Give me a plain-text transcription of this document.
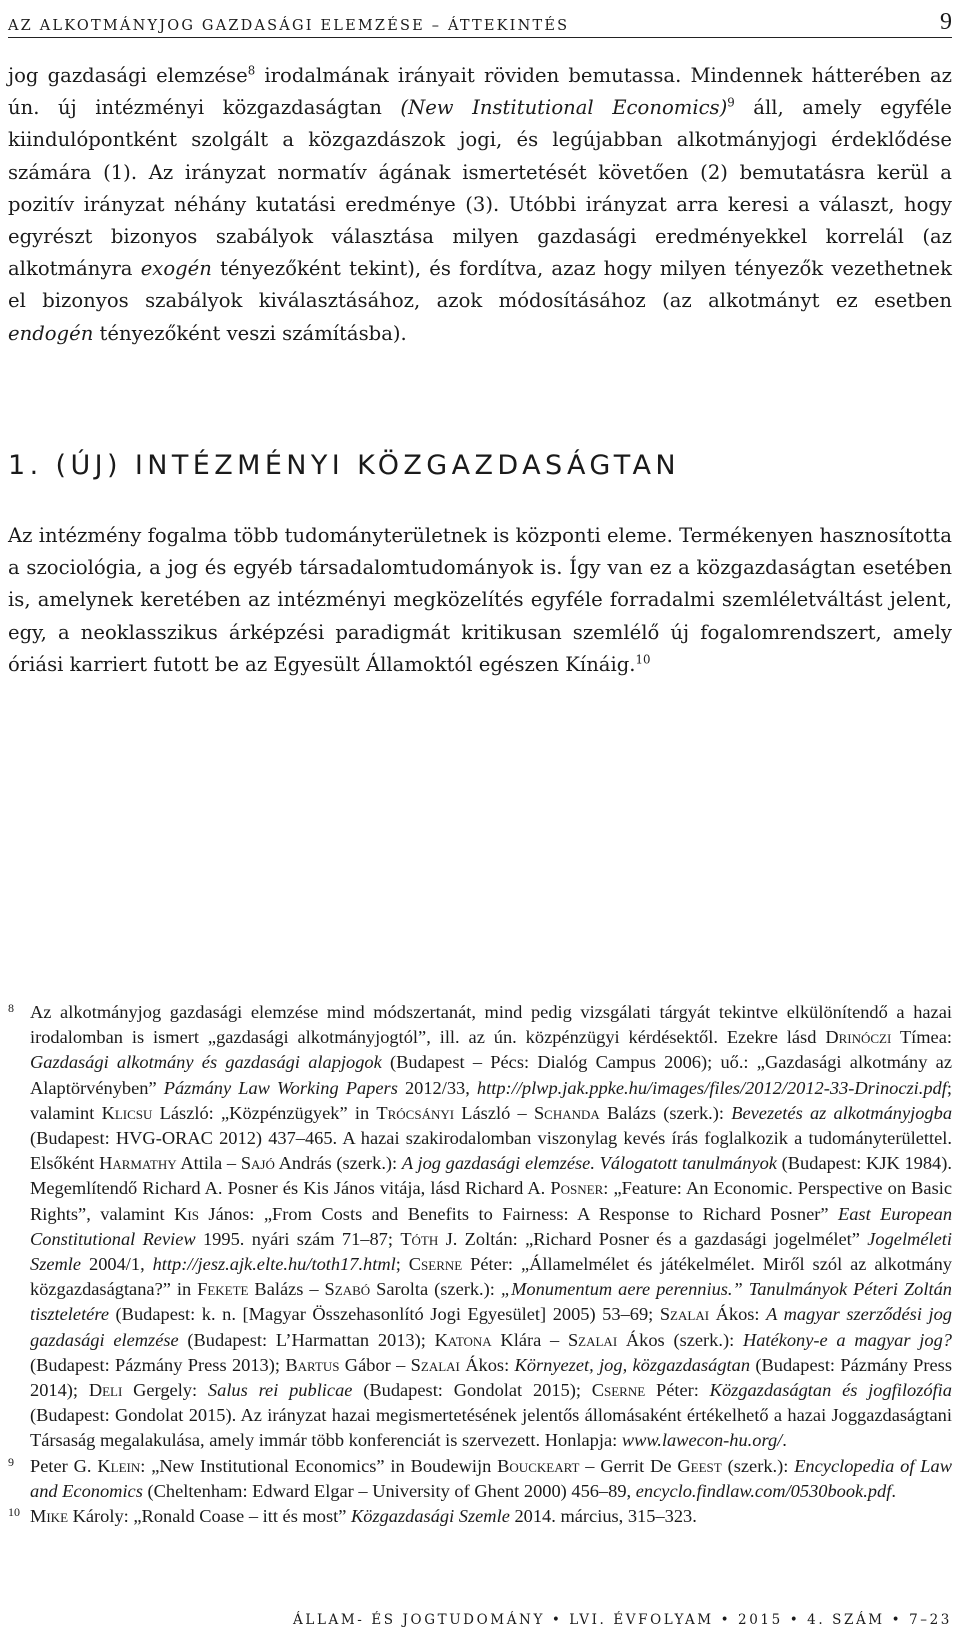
AZ ALKOTMÁNYJOG GAZDASÁGI ELEMZÉSE – ÁTTEKINTÉS	9
jog gazdasági elemzése$^8$ irodalmának irányait röviden bemutassa. Mindennek hátterében az ún. új intézményi közgazdaságtan (New Institutional Economics)$^9$ áll, amely egyféle kiindulópontként szolgált a közgazdászok jogi, és legújabban alkotmányjogi érdeklődése számára (1). Az irányzat normatív ágának ismertetését követően (2) bemutatásra kerül a pozitív irányzat néhány kutatási eredménye (3). Utóbbi irányzat arra keresi a választ, hogy egyrészt bizonyos szabályok választása milyen gazdasági eredményekkel korrelál (az alkotmányra exogén tényezőként tekint), és fordítva, azaz hogy milyen tényezők vezethetnek el bizonyos szabályok kiválasztásához, azok módosításához (az alkotmányt ez esetben endogén tényezőként veszi számításba).
1. (ÚJ) INTÉZMÉNYI KÖZGAZDASÁGTAN
Az intézmény fogalma több tudományterületnek is központi eleme. Termékenyen hasznosította a szociológia, a jog és egyéb társadalomtudományok is. Így van ez a közgazdaságtan esetében is, amelynek keretében az intézményi megközelítés egyféle forradalmi szemléletváltást jelent, egy, a neoklasszikus árképzési paradigmát kritikusan szemlélő új fogalomrendszert, amely óriási karriert futott be az Egyesült Államoktól egészen Kínáig.$^{10}$
8 Az alkotmányjog gazdasági elemzése mind módszertanát, mind pedig vizsgálati tárgyát tekintve elkülönítendő a hazai irodalomban is ismert „gazdasági alkotmányjogtól”, ill. az ún. közpénzügyi kérdésektől. Ezekre lásd Drinóczi Tímea: Gazdasági alkotmány és gazdasági alapjogok (Budapest – Pécs: Dialóg Campus 2006); uő.: „Gazdasági alkotmány az Alaptörvényben” Pázmány Law Working Papers 2012/33, http://plwp.jak.ppke.hu/images/files/2012/2012-33-Drinoczi.pdf; valamint Klicsu László: „Közpénzügyek” in Trócsányi László – Schanda Balázs (szerk.): Bevezetés az alkotmányjogba (Budapest: HVG-ORAC 2012) 437–465. A hazai szakirodalomban viszonylag kevés írás foglalkozik a tudományterülettel. Elsőként Harmathy Attila – Sajó András (szerk.): A jog gazdasági elemzése. Válogatott tanulmányok (Budapest: KJK 1984). Megemlítendő Richard A. Posner és Kis János vitája, lásd Richard A. Posner: „Feature: An Economic. Perspective on Basic Rights”, valamint Kis János: „From Costs and Benefits to Fairness: A Response to Richard Posner” East European Constitutional Review 1995. nyári szám 71–87; Tóth J. Zoltán: „Richard Posner és a gazdasági jogelmélet” Jogelméleti Szemle 2004/1, http://jesz.ajk.elte.hu/toth17.html; Cserne Péter: „Államelmélet és játékelmélet. Miről szól az alkotmány közgazdaságtana?” in Fekete Balázs – Szabó Sarolta (szerk.): „Monumentum aere perennius.” Tanulmányok Péteri Zoltán tiszteletére (Budapest: k. n. [Magyar Összehasonlító Jogi Egyesület] 2005) 53–69; Szalai Ákos: A magyar szerződési jog gazdasági elemzése (Budapest: L’Harmattan 2013); Katona Klára – Szalai Ákos (szerk.): Hatékony-e a magyar jog? (Budapest: Pázmány Press 2013); Bartus Gábor – Szalai Ákos: Környezet, jog, közgazdaságtan (Budapest: Pázmány Press 2014); Deli Gergely: Salus rei publicae (Budapest: Gondolat 2015); Cserne Péter: Közgazdaságtan és jogfilozófia (Budapest: Gondolat 2015). Az irányzat hazai megismertetésének jelentős állomásaként értékelhető a hazai Joggazdaságtani Társaság megalakulása, amely immár több konferenciát is szervezett. Honlapja: www.lawecon-hu.org/.
9 Peter G. Klein: „New Institutional Economics” in Boudewijn Bouckeart – Gerrit De Geest (szerk.): Encyclopedia of Law and Economics (Cheltenham: Edward Elgar – University of Ghent 2000) 456–89, encyclo.findlaw.com/0530book.pdf.
10 Mike Károly: „Ronald Coase – itt és most” Közgazdasági Szemle 2014. március, 315–323.
ÁLLAM- ÉS JOGTUDOMÁNY • LVI. ÉVFOLYAM • 2015 • 4. SZÁM • 7–23
